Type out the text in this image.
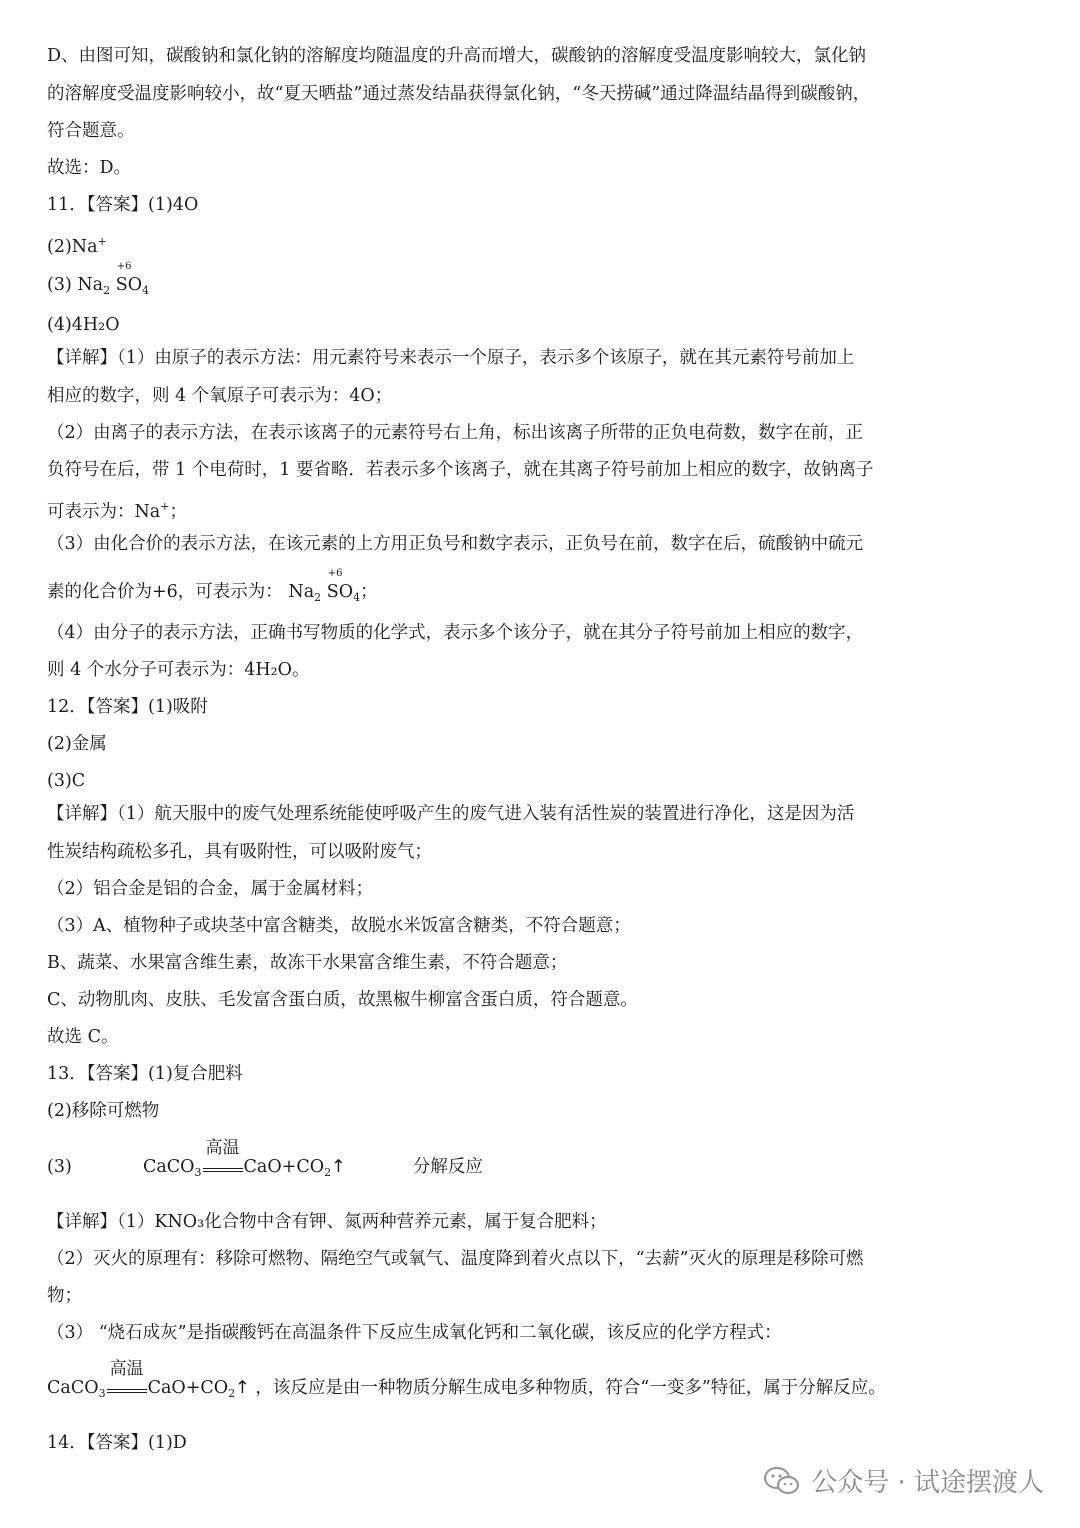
D、由图可知，碳酸钠和氯化钠的溶解度均随温度的升高而增大，碳酸钠的溶解度受温度影响较大，氯化钠
的溶解度受温度影响较小，故“夏天晒盐”通过蒸发结晶获得氯化钠，“冬天捞碱”通过降温结晶得到碳酸钠，
符合题意。
故选：D。
11．【答案】(1)4O
(2)Na+
(3) $Na_2$
+6
$SO_4$
(4)4H₂O
【详解】（1）由原子的表示方法：用元素符号来表示一个原子，表示多个该原子，就在其元素符号前加上
相应的数字，则 4 个氧原子可表示为：4O；
（2）由离子的表示方法，在表示该离子的元素符号右上角，标出该离子所带的正负电荷数，数字在前，正
负符号在后，带 1 个电荷时，1 要省略．若表示多个该离子，就在其离子符号前加上相应的数字，故钠离子
可表示为：Na+；
（3）由化合价的表示方法，在该元素的上方用正负号和数字表示，正负号在前，数字在后，硫酸钠中硫元
素的化合价为+6，可表示为： $Na_2$
+6
$SO_4$；
（4）由分子的表示方法，正确书写物质的化学式，表示多个该分子，就在其分子符号前加上相应的数字，
则 4 个水分子可表示为：4H₂O。
12．【答案】(1)吸附
(2)金属
(3)C
【详解】（1）航天服中的废气处理系统能使呼吸产生的废气进入装有活性炭的装置进行净化，这是因为活
性炭结构疏松多孔，具有吸附性，可以吸附废气；
（2）铝合金是铝的合金，属于金属材料；
（3）A、植物种子或块茎中富含糖类，故脱水米饭富含糖类，不符合题意；
B、蔬菜、水果富含维生素，故冻干水果富含维生素，不符合题意；
C、动物肌肉、皮肤、毛发富含蛋白质，故黑椒牛柳富含蛋白质，符合题意。
故选 C。
13．【答案】(1)复合肥料
(2)移除可燃物
(3)	CaCO$_3$
高温
$CaO+CO_2↑$	分解反应
【详解】（1）KNO₃化合物中含有钾、氮两种营养元素，属于复合肥料；
（2）灭火的原理有：移除可燃物、隔绝空气或氧气、温度降到着火点以下，“去薪”灭火的原理是移除可燃
物；
（3） “烧石成灰”是指碳酸钙在高温条件下反应生成氧化钙和二氧化碳，该反应的化学方程式：
CaCO$_3$
高温
$CaO+CO_2↑$ ，该反应是由一种物质分解生成电多种物质，符合“一变多”特征，属于分解反应。
14．【答案】(1)D
公众号 · 试途摆渡人
